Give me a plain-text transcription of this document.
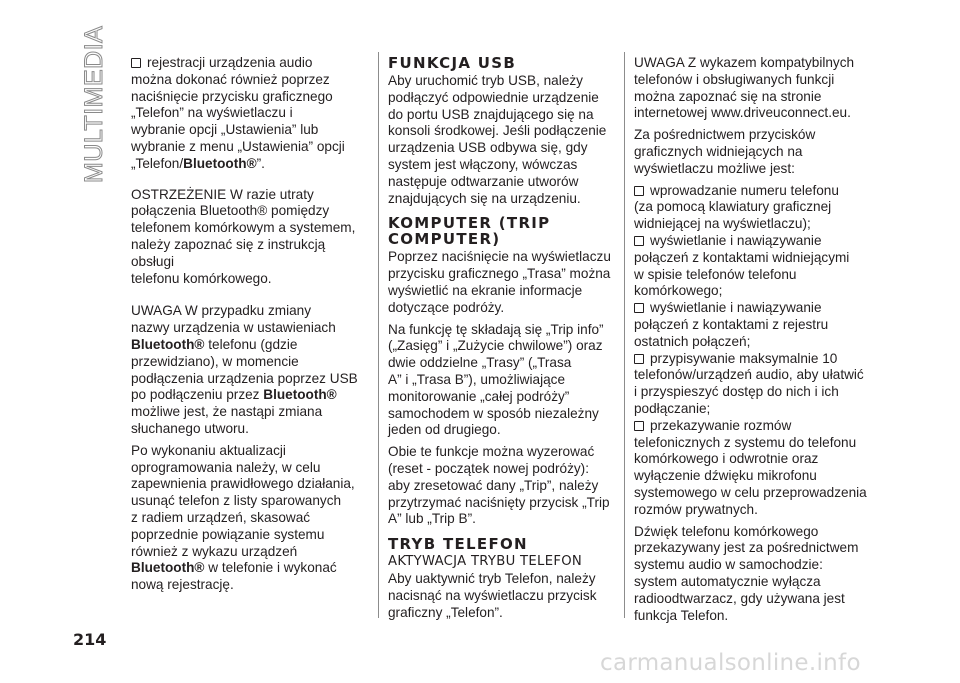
MULTIMEDIA	rejestracji urządzenia audio
można dokonać również poprzez
naciśnięcie przycisku graficznego
„Telefon” na wyświetlaczu i
wybranie opcji „Ustawienia” lub
wybranie z menu „Ustawienia” opcji
„Telefon/Bluetooth®”.

OSTRZEŻENIE W razie utraty
połączenia Bluetooth® pomiędzy
telefonem komórkowym a systemem,
należy zapoznać się z instrukcją obsługi
telefonu komórkowego.

UWAGA W przypadku zmiany
nazwy urządzenia w ustawieniach
Bluetooth® telefonu (gdzie
przewidziano), w momencie
podłączenia urządzenia poprzez USB
po podłączeniu przez Bluetooth®
możliwe jest, że nastąpi zmiana
słuchanego utworu.

Po wykonaniu aktualizacji
oprogramowania należy, w celu
zapewnienia prawidłowego działania,
usunąć telefon z listy sparowanych
z radiem urządzeń, skasować
poprzednie powiązanie systemu
również z wykazu urządzeń
Bluetooth® w telefonie i wykonać
nową rejestrację.

FUNKCJA USB

Aby uruchomić tryb USB, należy
podłączyć odpowiednie urządzenie
do portu USB znajdującego się na
konsoli środkowej. Jeśli podłączenie
urządzenia USB odbywa się, gdy
system jest włączony, wówczas
następuje odtwarzanie utworów
znajdujących się na urządzeniu.

KOMPUTER (TRIP
COMPUTER)

Poprzez naciśnięcie na wyświetlaczu
przycisku graficznego „Trasa” można
wyświetlić na ekranie informacje
dotyczące podróży.

Na funkcję tę składają się „Trip info”
(„Zasięg” i „Zużycie chwilowe”) oraz
dwie oddzielne „Trasy” („Trasa
A” i „Trasa B”), umożliwiające
monitorowanie „całej podróży”
samochodem w sposób niezależny
jeden od drugiego.

Obie te funkcje można wyzerować
(reset - początek nowej podróży):
aby zresetować dany „Trip”, należy
przytrzymać naciśnięty przycisk „Trip
A” lub „Trip B”.

TRYB TELEFON
AKTYWACJA TRYBU TELEFON

Aby uaktywnić tryb Telefon, należy
nacisnąć na wyświetlaczu przycisk
graficzny „Telefon”.

UWAGA Z wykazem kompatybilnych
telefonów i obsługiwanych funkcji
można zapoznać się na stronie
internetowej www.driveuconnect.eu.

Za pośrednictwem przycisków
graficznych widniejących na
wyświetlaczu możliwe jest:

wprowadzanie numeru telefonu
(za pomocą klawiatury graficznej
widniejącej na wyświetlaczu);

wyświetlanie i nawiązywanie
połączeń z kontaktami widniejącymi
w spisie telefonów telefonu
komórkowego;

wyświetlanie i nawiązywanie
połączeń z kontaktami z rejestru
ostatnich połączeń;

przypisywanie maksymalnie 10
telefonów/urządzeń audio, aby ułatwić
i przyspieszyć dostęp do nich i ich
podłączanie;

przekazywanie rozmów
telefonicznych z systemu do telefonu
komórkowego i odwrotnie oraz
wyłączenie dźwięku mikrofonu
systemowego w celu przeprowadzenia
rozmów prywatnych.

Dźwięk telefonu komórkowego
przekazywany jest za pośrednictwem
systemu audio w samochodzie:
system automatycznie wyłącza
radioodtwarzacz, gdy używana jest
funkcja Telefon.

214
carmanualsonline.info
